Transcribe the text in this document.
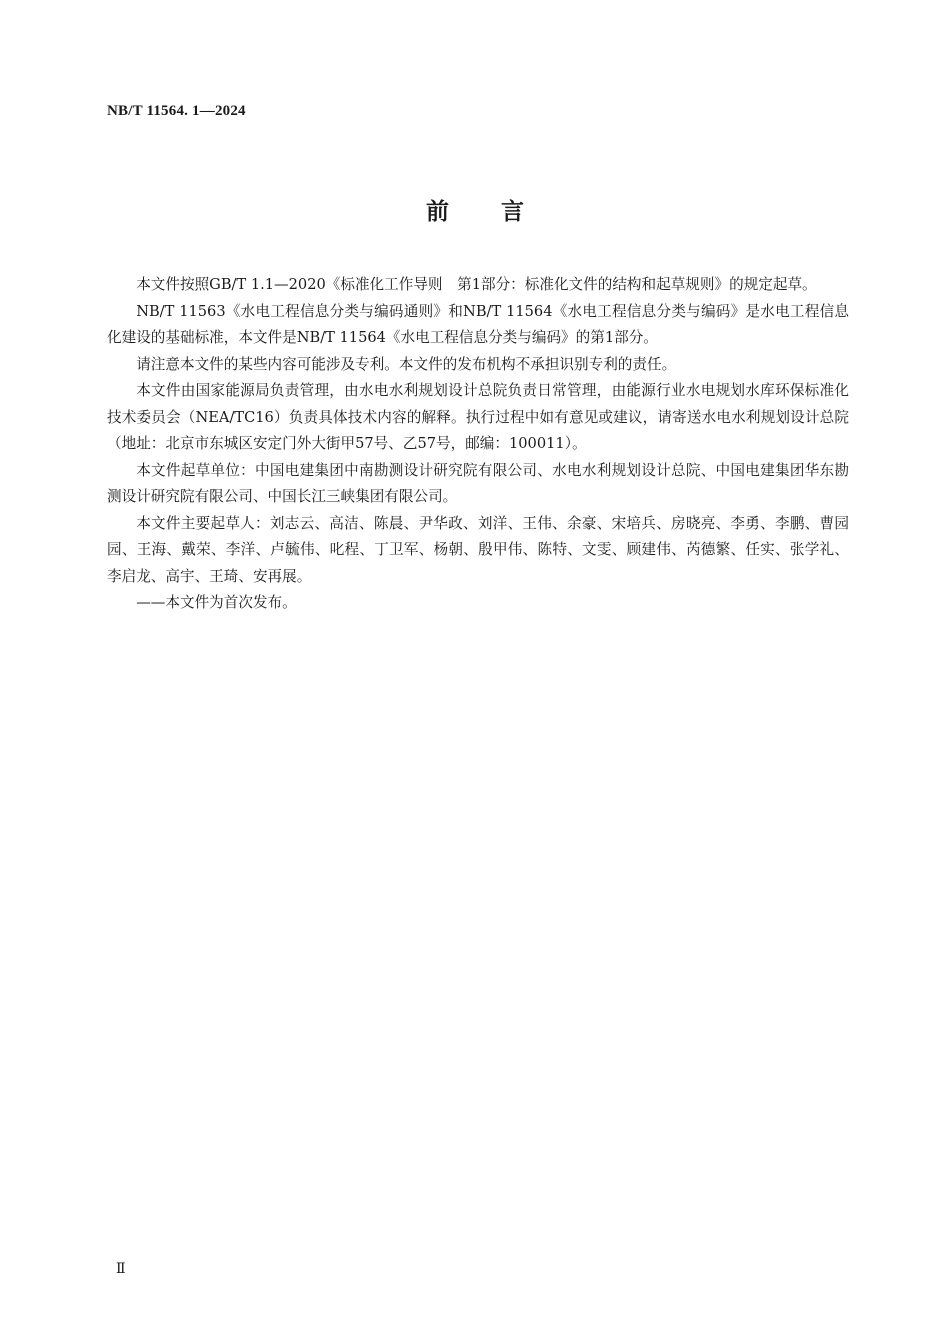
NB/T 11564. 1—2024
前言

本文件按照GB/T 1.1—2020《标准化工作导则　第1部分：标准化文件的结构和起草规则》的规定起草。

NB/T 11563《水电工程信息分类与编码通则》和NB/T 11564《水电工程信息分类与编码》是水电工程信息化建设的基础标准，本文件是NB/T 11564《水电工程信息分类与编码》的第1部分。

请注意本文件的某些内容可能涉及专利。本文件的发布机构不承担识别专利的责任。

本文件由国家能源局负责管理，由水电水利规划设计总院负责日常管理，由能源行业水电规划水库环保标准化技术委员会（NEA/TC16）负责具体技术内容的解释。执行过程中如有意见或建议，请寄送水电水利规划设计总院（地址：北京市东城区安定门外大街甲57号、乙57号，邮编：100011）。

本文件起草单位：中国电建集团中南勘测设计研究院有限公司、水电水利规划设计总院、中国电建集团华东勘测设计研究院有限公司、中国长江三峡集团有限公司。

本文件主要起草人：刘志云、高洁、陈晨、尹华政、刘洋、王伟、余豪、宋培兵、房晓亮、李勇、李鹏、曹园园、王海、戴荣、李洋、卢毓伟、叱程、丁卫军、杨朝、殷甲伟、陈特、文雯、顾建伟、芮德繁、任实、张学礼、李启龙、高宇、王琦、安再展。

——本文件为首次发布。

Ⅱ
